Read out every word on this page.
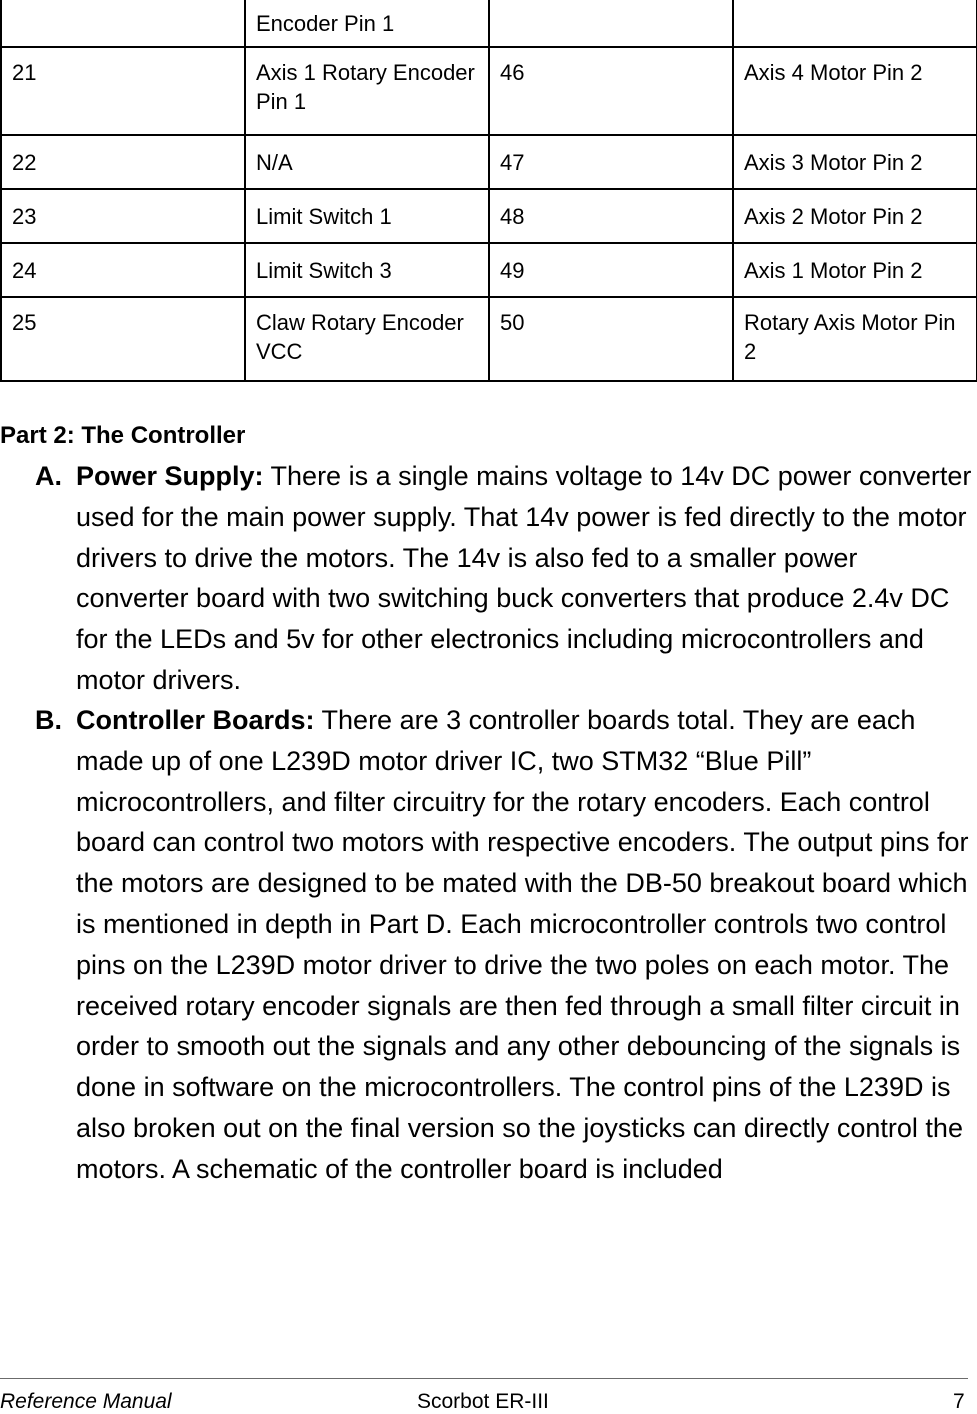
	Encoder Pin 1		
21	Axis 1 Rotary Encoder Pin 1	46	Axis 4 Motor Pin 2
22	N/A	47	Axis 3 Motor Pin 2
23	Limit Switch 1	48	Axis 2 Motor Pin 2
24	Limit Switch 3	49	Axis 1 Motor Pin 2
25	Claw Rotary Encoder VCC	50	Rotary Axis Motor Pin 2
Part 2: The Controller
A. Power Supply: There is a single mains voltage to 14v DC power converter used for the main power supply. That 14v power is fed directly to the motor drivers to drive the motors. The 14v is also fed to a smaller power converter board with two switching buck converters that produce 2.4v DC for the LEDs and 5v for other electronics including microcontrollers and motor drivers.
B. Controller Boards: There are 3 controller boards total. They are each made up of one L239D motor driver IC, two STM32 “Blue Pill” microcontrollers, and filter circuitry for the rotary encoders. Each control board can control two motors with respective encoders. The output pins for the motors are designed to be mated with the DB-50 breakout board which is mentioned in depth in Part D. Each microcontroller controls two control pins on the L239D motor driver to drive the two poles on each motor. The received rotary encoder signals are then fed through a small filter circuit in order to smooth out the signals and any other debouncing of the signals is done in software on the microcontrollers. The control pins of the L239D is also broken out on the final version so the joysticks can directly control the motors. A schematic of the controller board is included
Reference Manual	Scorbot ER-III	7
